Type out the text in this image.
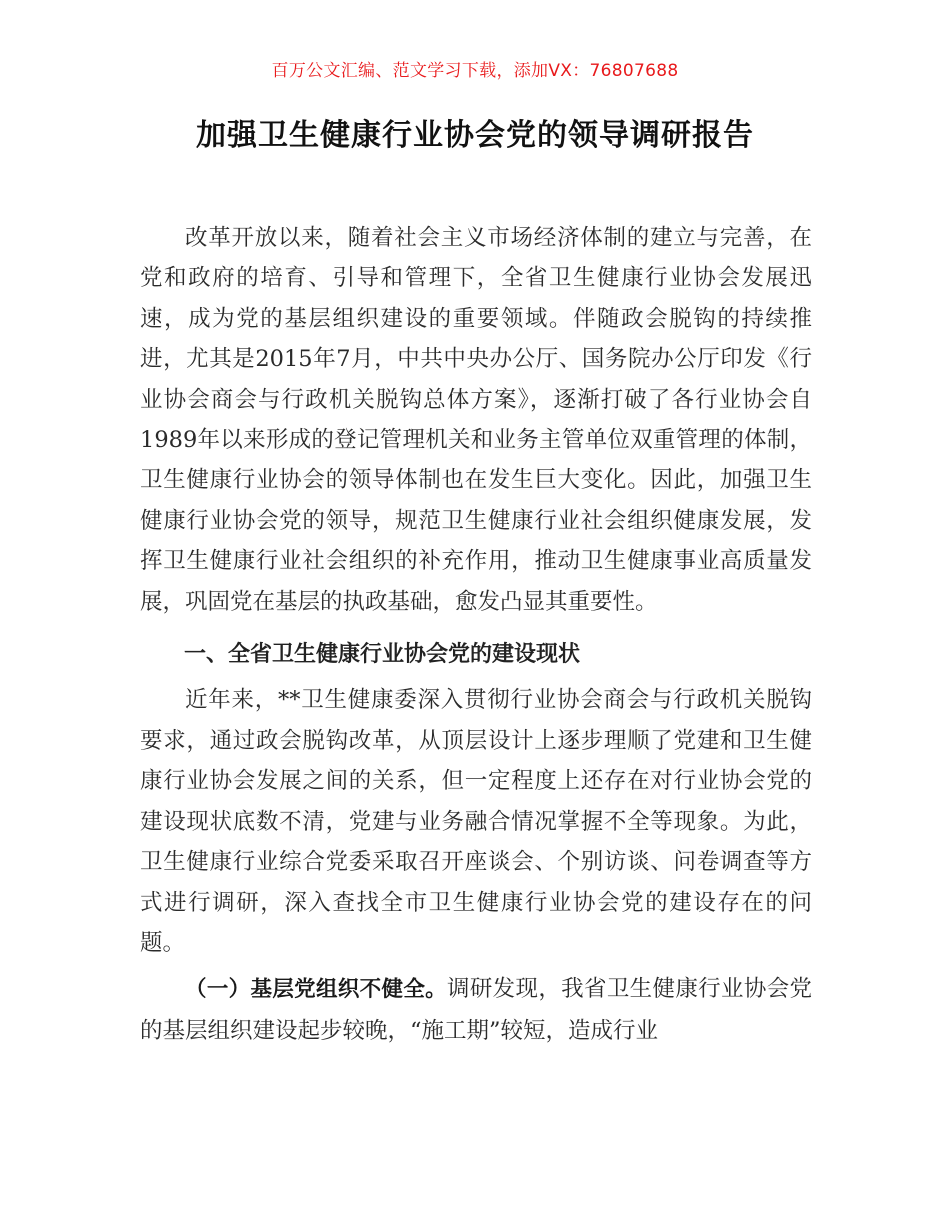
百万公文汇编、范文学习下载，添加VX：76807688
加强卫生健康行业协会党的领导调研报告

改革开放以来，随着社会主义市场经济体制的建立与完善，在党和政府的培育、引导和管理下，全省卫生健康行业协会发展迅速，成为党的基层组织建设的重要领域。伴随政会脱钩的持续推进，尤其是2015年7月，中共中央办公厅、国务院办公厅印发《行业协会商会与行政机关脱钩总体方案》，逐渐打破了各行业协会自1989年以来形成的登记管理机关和业务主管单位双重管理的体制，卫生健康行业协会的领导体制也在发生巨大变化。因此，加强卫生健康行业协会党的领导，规范卫生健康行业社会组织健康发展，发挥卫生健康行业社会组织的补充作用，推动卫生健康事业高质量发展，巩固党在基层的执政基础，愈发凸显其重要性。

一、全省卫生健康行业协会党的建设现状

近年来，**卫生健康委深入贯彻行业协会商会与行政机关脱钩要求，通过政会脱钩改革，从顶层设计上逐步理顺了党建和卫生健康行业协会发展之间的关系，但一定程度上还存在对行业协会党的建设现状底数不清，党建与业务融合情况掌握不全等现象。为此，卫生健康行业综合党委采取召开座谈会、个别访谈、问卷调查等方式进行调研，深入查找全市卫生健康行业协会党的建设存在的问题。

（一）基层党组织不健全。调研发现，我省卫生健康行业协会党的基层组织建设起步较晚，“施工期”较短，造成行业
